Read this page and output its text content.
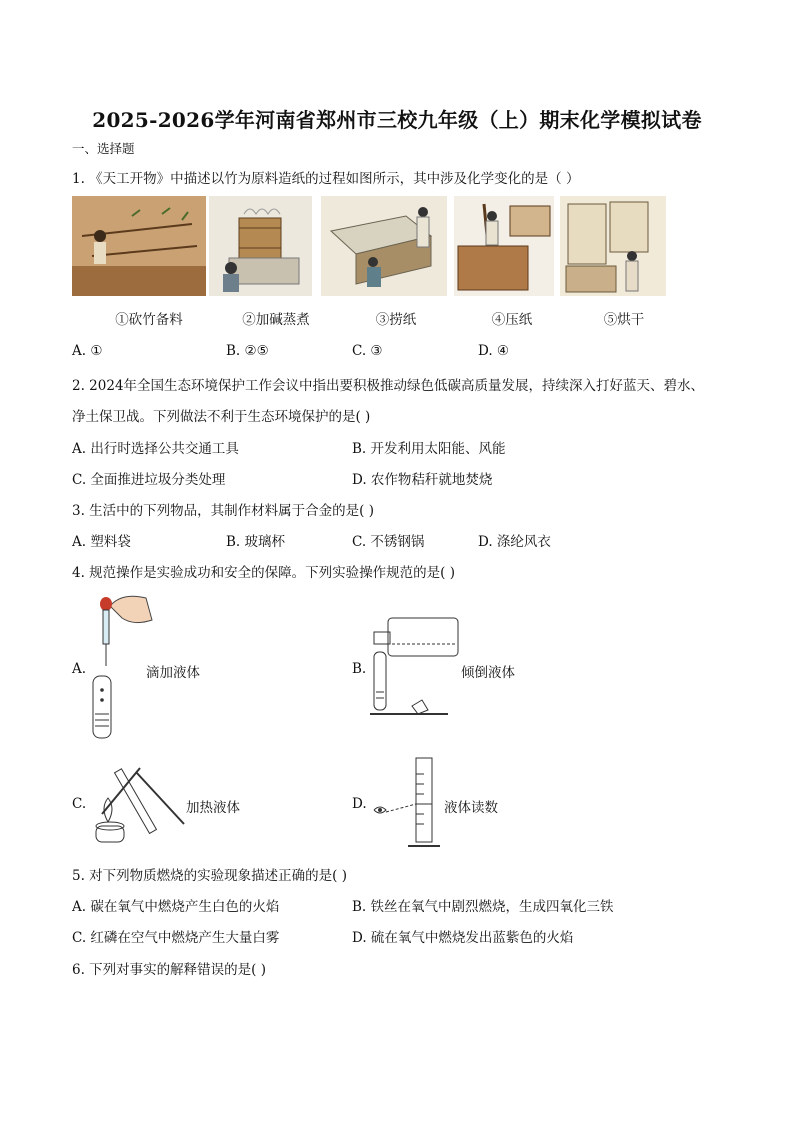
2025-2026学年河南省郑州市三校九年级（上）期末化学模拟试卷
一、选择题
1. 《天工开物》中描述以竹为原料造纸的过程如图所示，其中涉及化学变化的是（ ）
①砍竹备料	②加碱蒸煮	③捞纸	④压纸	⑤烘干
A. ①	B. ②⑤	C. ③	D. ④
2. 2024年全国生态环境保护工作会议中指出要积极推动绿色低碳高质量发展，持续深入打好蓝天、碧水、
净土保卫战。下列做法不利于生态环境保护的是( )
A. 出行时选择公共交通工具	B. 开发利用太阳能、风能
C. 全面推进垃圾分类处理	D. 农作物秸秆就地焚烧
3. 生活中的下列物品，其制作材料属于合金的是( )
A. 塑料袋	B. 玻璃杯	C. 不锈钢锅	D. 涤纶风衣
4. 规范操作是实验成功和安全的保障。下列实验操作规范的是( )
A.	滴加液体	B.	倾倒液体
C.	加热液体	D.	液体读数
5. 对下列物质燃烧的实验现象描述正确的是( )
A. 碳在氧气中燃烧产生白色的火焰	B. 铁丝在氧气中剧烈燃烧，生成四氧化三铁
C. 红磷在空气中燃烧产生大量白雾	D. 硫在氧气中燃烧发出蓝紫色的火焰
6. 下列对事实的解释错误的是( )
